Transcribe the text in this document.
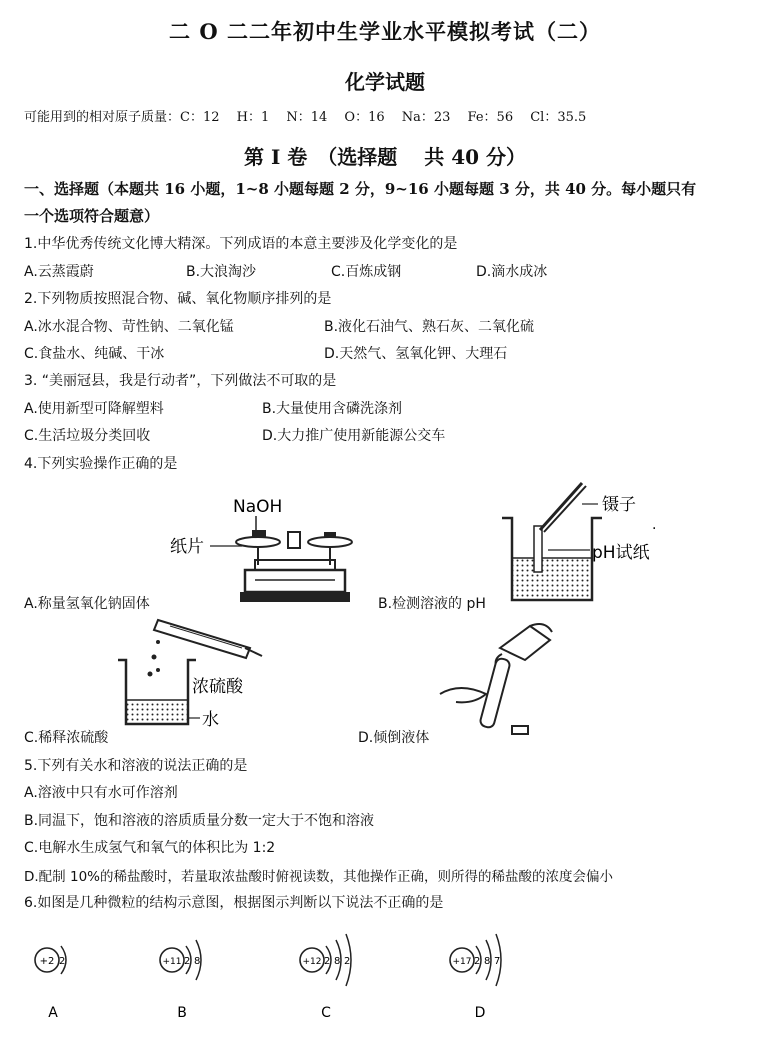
二 O 二二年初中生学业水平模拟考试（二）
化学试题
可能用到的相对原子质量：C：12　 H：1　 N：14　 O：16　 Na：23　 Fe：56　 Cl：35.5
第 I 卷　（选择题　 共 40 分）
一、选择题（本题共 16 小题，1~8 小题每题 2 分，9~16 小题每题 3 分，共 40 分。每小题只有
一个选项符合题意）
1.中华优秀传统文化博大精深。下列成语的本意主要涉及化学变化的是
A.云蒸霞蔚	B.大浪淘沙	C.百炼成钢	D.滴水成冰
2.下列物质按照混合物、碱、氧化物顺序排列的是
A.冰水混合物、苛性钠、二氧化锰	B.液化石油气、熟石灰、二氧化硫
C.食盐水、纯碱、干冰	D.天然气、氢氧化钾、大理石
3. “美丽冠县，我是行动者”，下列做法不可取的是
A.使用新型可降解塑料	B.大量使用含磷洗涤剂
C.生活垃圾分类回收	D.大力推广使用新能源公交车
4.下列实验操作正确的是
NaOH
纸片
镊子
pH试纸
·
A.称量氢氧化钠固体	B.检测溶液的 pH
浓硫酸
水
C.稀释浓硫酸	D.倾倒液体
5.下列有关水和溶液的说法正确的是
A.溶液中只有水可作溶剂
B.同温下，饱和溶液的溶质质量分数一定大于不饱和溶液
C.电解水生成氢气和氧气的体积比为 1:2
D.配制 10%的稀盐酸时，若量取浓盐酸时俯视读数，其他操作正确，则所得的稀盐酸的浓度会偏小
6.如图是几种微粒的结构示意图，根据图示判断以下说法不正确的是
+2 2
A
+11 2 8
B
+12 2 8 2
C
+17 2 8 7
D
